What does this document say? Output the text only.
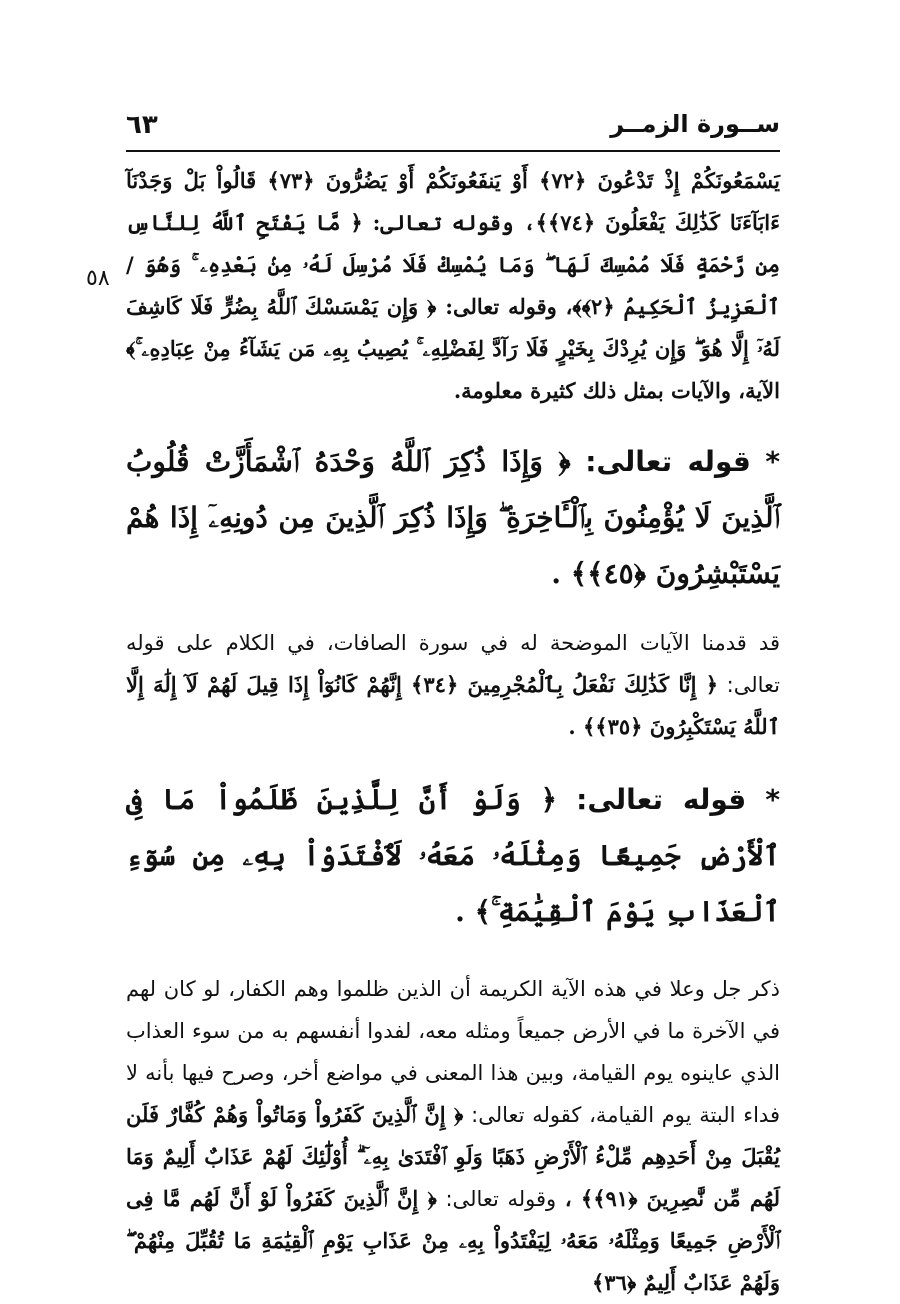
٦٣	ســورة الزمــر
٥٨

يَسْمَعُونَكُمْ إِذْ تَدْعُونَ ﴿٧٢﴾ أَوْ يَنفَعُونَكُمْ أَوْ يَضُرُّونَ ﴿٧٣﴾ قَالُواْ بَلْ وَجَدْنَآ ءَابَآءَنَا كَذَٰلِكَ يَفْعَلُونَ ﴿٧٤﴾﴾، وقوله تعالى: ﴿ مَّا يَفْتَحِ ٱللَّهُ لِلنَّاسِ مِن رَّحْمَةٍ فَلَا مُمْسِكَ لَهَا ۖ وَمَا يُمْسِكْ فَلَا مُرْسِلَ لَهُۥ مِنۢ بَعْدِهِۦ ۚ وَهُوَ / ٱلْعَزِيزُ ٱلْحَكِيمُ ﴿٢﴾﴾، وقوله تعالى: ﴿ وَإِن يَمْسَسْكَ ٱللَّهُ بِضُرٍّ فَلَا كَاشِفَ لَهُۥٓ إِلَّا هُوَ ۖ وَإِن يُرِدْكَ بِخَيْرٍ فَلَا رَآدَّ لِفَضْلِهِۦ ۚ يُصِيبُ بِهِۦ مَن يَشَآءُ مِنْ عِبَادِهِۦ ۚ﴾ الآية، والآيات بمثل ذلك كثيرة معلومة.

* قوله تعالى: ﴿ وَإِذَا ذُكِرَ ٱللَّهُ وَحْدَهُ ٱشْمَأَزَّتْ قُلُوبُ ٱلَّذِينَ لَا يُؤْمِنُونَ بِٱلْـَٔاخِرَةِ ۖ وَإِذَا ذُكِرَ ٱلَّذِينَ مِن دُونِهِۦٓ إِذَا هُمْ يَسْتَبْشِرُونَ ﴿٤٥﴾﴾ .

قد قدمنا الآيات الموضحة له في سورة الصافات، في الكلام على قوله تعالى: ﴿ إِنَّا كَذَٰلِكَ نَفْعَلُ بِٱلْمُجْرِمِينَ ﴿٣٤﴾ إِنَّهُمْ كَانُوٓاْ إِذَا قِيلَ لَهُمْ لَآ إِلَٰهَ إِلَّا ٱللَّهُ يَسْتَكْبِرُونَ ﴿٣٥﴾﴾ .

* قوله تعالى: ﴿ وَلَوْ أَنَّ لِلَّذِينَ ظَلَمُواْ مَا فِى ٱلْأَرْضِ جَمِيعًا وَمِثْلَهُۥ مَعَهُۥ لَٱفْتَدَوْاْ بِهِۦ مِن سُوٓءِ ٱلْعَذَابِ يَوْمَ ٱلْقِيَٰمَةِ ۚ﴾ .

ذكر جل وعلا في هذه الآية الكريمة أن الذين ظلموا وهم الكفار، لو كان لهم في الآخرة ما في الأرض جميعاً ومثله معه، لفدوا أنفسهم به من سوء العذاب الذي عاينوه يوم القيامة، وبين هذا المعنى في مواضع أخر، وصرح فيها بأنه لا فداء البتة يوم القيامة، كقوله تعالى: ﴿ إِنَّ ٱلَّذِينَ كَفَرُواْ وَمَاتُواْ وَهُمْ كُفَّارٌ فَلَن يُقْبَلَ مِنْ أَحَدِهِم مِّلْءُ ٱلْأَرْضِ ذَهَبًا وَلَوِ ٱفْتَدَىٰ بِهِۦٓ ۗ أُوْلَٰٓئِكَ لَهُمْ عَذَابٌ أَلِيمٌ وَمَا لَهُم مِّن نَّٰصِرِينَ ﴿٩١﴾﴾ ، وقوله تعالى: ﴿ إِنَّ ٱلَّذِينَ كَفَرُواْ لَوْ أَنَّ لَهُم مَّا فِى ٱلْأَرْضِ جَمِيعًا وَمِثْلَهُۥ مَعَهُۥ لِيَفْتَدُواْ بِهِۦ مِنْ عَذَابِ يَوْمِ ٱلْقِيَٰمَةِ مَا تُقُبِّلَ مِنْهُمْ ۖ وَلَهُمْ عَذَابٌ أَلِيمٌ ﴿٣٦﴾
